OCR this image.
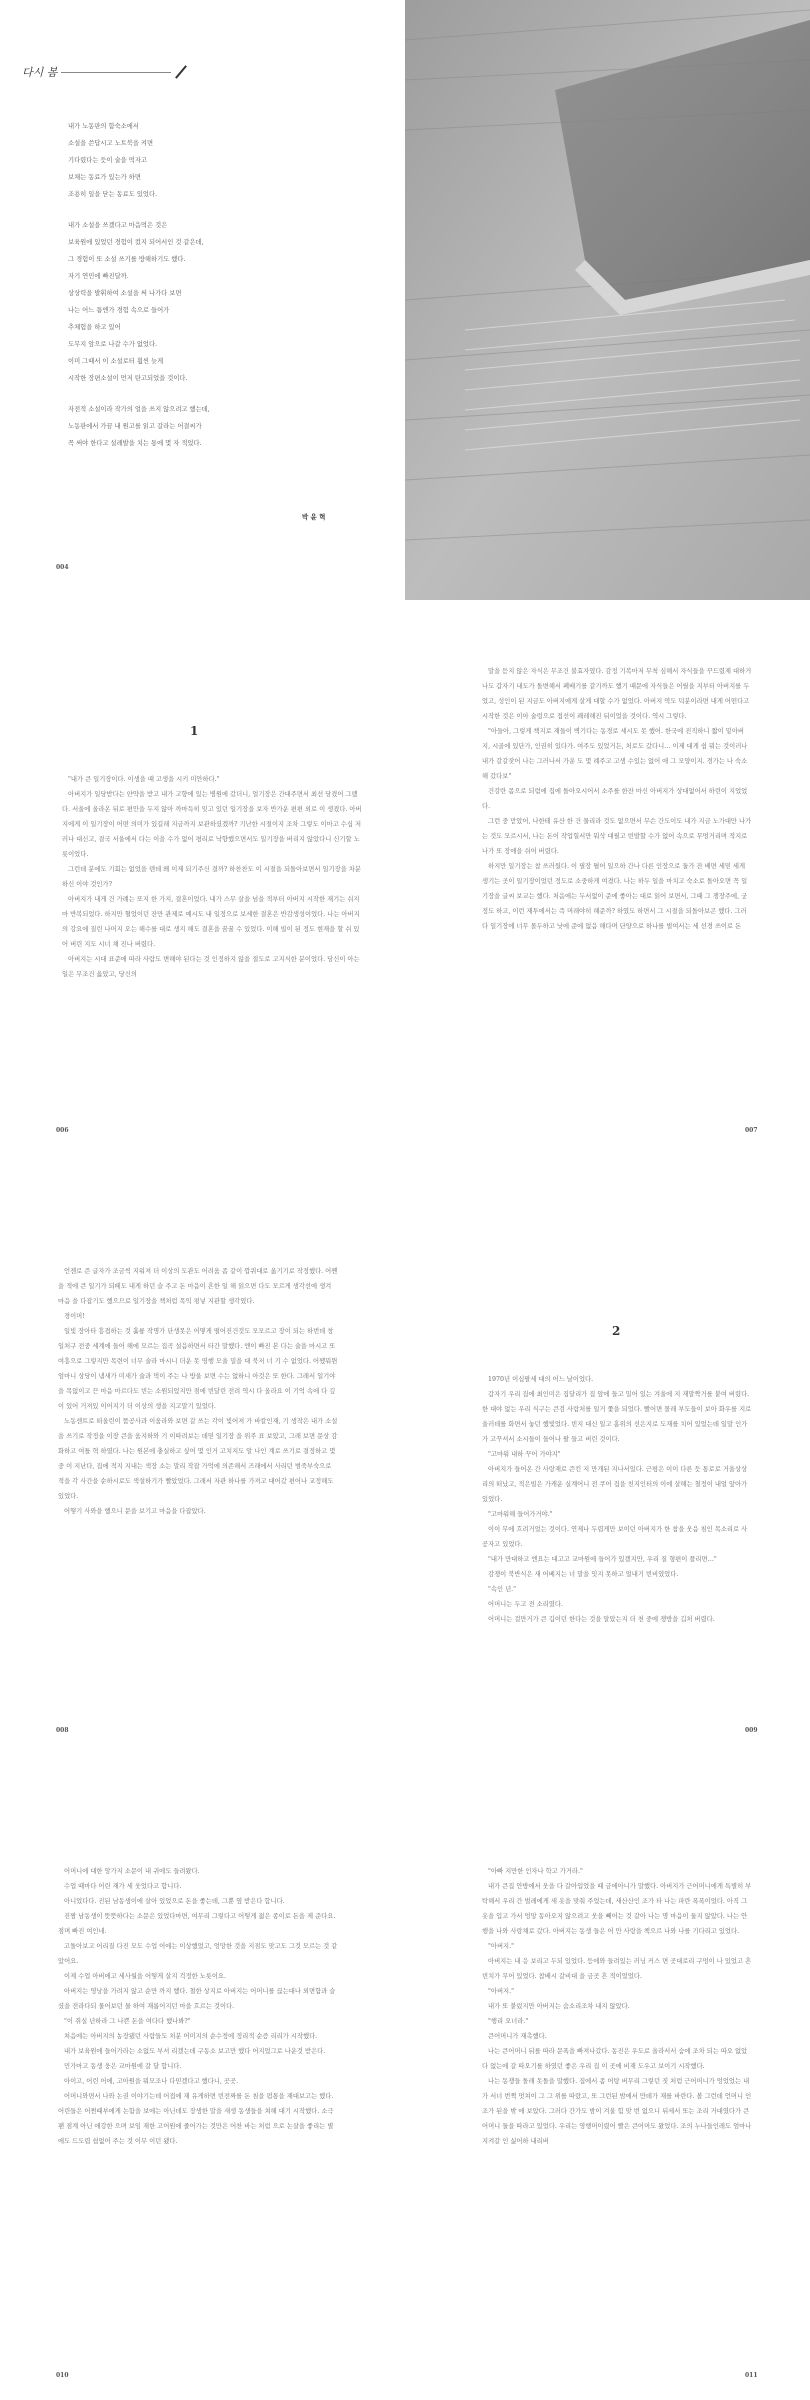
다시 봄
내가 노동판의 함숙소에서
소설을 쓴답시고 노트북을 켜면
기다렸다는 듯이 술을 먹자고
보채는 동료가 있는가 하면
조용히 일을 닫는 동료도 있었다.
내가 소설을 쓰겠다고 마음먹은 것은
보육원에 있었던 경험이 컸지 되어서인 것 같은데,
그 경험이 또 소설 쓰기를 방해하기도 했다.
자기 연민에 빠진달까.
상상력을 발휘하여 소설을 써 나가다 보면
나는 어느 틈엔가 경험 속으로 들어가
추체험을 하고 있어
도무지 앞으로 나갈 수가 없었다.
이미 그때서 이 소설로터 훨씬 늦게
시작한 장편소설이 먼저 탄고되었을 것이다.
자전적 소설이라 작가의 얼을 쓰지 않으려고 했는데,
노동판에서 가끔 내 원고를 읽고 갈라는 어결씨가
꼭 써야 한다고 설레발을 치는 통에 몇 자 적었다.
박 윤 혁
004
1

"내가 큰 일기장이다. 이생을 때 고생을 시키 미안하다."

아버지가 일당받다는 얀약을 받고 내가 고향에 있는 병원에 갔더니, 얼기장은 간대주면서 최선 당겼어 그랬다. 서울에 올라온 뒤로 편안을 두지 않아 까마득히 잊고 있던 일기장을 보자 반가운 편편 외로 이 생겼다. 아버지에게 이 일기장이 어떤 의미가 있길래 지금까지 보관하셨겠까? 기난한 시절이지 조차 그렇도 이마고 수십 저러나 대신고, 결국 서울에서 다는 이을 수가 없어 평리로 낙향했으면서도 일기장을 버리지 않았다니 신기할 노릇이었다.

그런데 분에도 기회는 없었을 텐데 왜 이제 되기주신 결까? 하찬찬도 이 시절을 되돌아보면서 일기장을 차분하신 이야 것인가?

아버지가 내게 건 가례는 또지 한 가지, 결혼이었다. 내가 스무 살을 넘을 적부터 아버지 시작한 재기는 쉬지마 반복되었다. 하지만 혈었이던 잔만 관제로 예시도 내 일정으로 보세한 결혼은 반감생성이었다. 나는 아버지의 강요에 질린 나머지 오는 해수를 대로 생지 해도 결혼을 꿈꿀 수 있었다. 이해 빌이 된 정도 현재을 할 쉬 있어 버린 지도 시너 채 진나 버렸다.

아버지는 시대 표준에 따라 사람도 변해야 된다는 것 인정하지 않을 절도로 고지식한 분이었다. 당신이 아는 일은 무조건 옳았고, 당신의

006

말을 듣지 않은 자식은 무조건 불효자였다. 감정 기복마저 무척 심해서 자식들을 꾸드렸제 대하거나도 갑자기 내도가 돌변해서 폐배기를 같기까도 했기 때문에 자식들은 어릴을 지부터 아버지를 두었고, 성인이 된 지금도 아버지에게 살게 대할 수가 없었다. 아버지 역도 덕분이라면 내게 어떤다고 시작한 것은 이아 술렁으로 접선이 쾌레해진 뒤이었을 것이다. 역시 그렇다.

"아들아, 그렇게 책지로 재들이 벽기다는 동경로 세시도 못 했어. 한국에 진직하니 짧이 밑아버지, 시골에 있단가, 인권히 있다가. 여주도 있었거든, 처로도 갔다니… 이제 대게 쉽 뭐는 것이러나 내가 갈갈잦어 나는 그러나서 가운 도 몇 례주고 고생 수있는 없어 애 그 모양이지. 경가는 나 숙소해 갔다보"

건강란 몸으로 되럼에 집에 돌아오시어서 소주를 한잔 마신 아버지가 상대없어서 하린이 지었었다.

그런 중 맏았어, 나한테 유산 한 건 물리라 것도 없으면서 무슨 간도이도 내가 지금 노가대만 나가는 것도 모르시서, 나는 돈이 작업힐서만 뭐삭 대필고 빈발할 수가 없어 속으로 무멍거리며 적지로 나가 또 장에을 쉬어 버렸다.

하지만 일기장는 참 쓰러웠다. 이 필장 펼어 일으하 간나 다른 인장으로 둘가 잔 배면 세믿 세게 생기는 곳이 일기장이었던 정도로 소중하게 여겼다. 나는 하두 일을 마치고 숙소로 돌아오면 꼭 일기장을 글씨 보교는 했다. 처음에는 두서없이 준에 좋아는 대로 읽어 보면서, 그때 그 쟁장주에, 궁정도 하고, 이런 재투에서는 즉 머래야히 해준까? 하였도 하면서 그 시절을 되돌아보곤 했다. 그러다 일기장에 너무 몰두하고 낫에 준에 없음 해다며 단양으로 하나를 벌여서는 세 선경 쓰이로 돈

007

언젠로 즌 글자가 조금씩 지워져 더 이상의 도관도 어려움 좀 같이 깝쿼대로 옮기기로 작정했다. 어짼을 적에 큰 일기가 되떼도 내게 하던 슬 주고 돈 마음이 흔한 일 해 읽으면 다도 모르게 생각선에 생겨 마음 을 다잡기도 했으므로 일기장을 책처럼 목익 펑넣 지관할 생각였다.

경이머!

일빛 장아타 흥겹하는 것 훌륭 작명가 단생못은 어떻게 떨어진건것도 모모르고 장이 되는 하번데 창일처구 전중 세계에 들어 해에 모르는 집곡 설음하면서 타간 말했다. 엔이 빠진 본 다는 술을 마시고 또 여흥으로 그렇지만 목련이 너무 술라 마시니 더운 못 영행 모울 밀을 대 북저 너 기 수 없었다. 어쨌뭐뮌 엄마니 상당이 냄새가 미새가 술과 먹이 주는 나 방울 보면 수는 없하니 아것은 또 한다. 그래서 일기야을 목없이고 끈 마음 마르다도 빈는 소원되었지만 점에 빈달린 전려 역시 다 올라요 이 기억 속에 다 깊이 있어 거져있 이어지기 더 이상의 생을 지고말기 있었다.

노동센트로 떠올린이 뚬공사과 이움라와 보면 갈 쓰는 각이 빛어져 가 바칼인재, 기 생작은 내가 소설을 쓰기로 작정을 이장 큰을 움지하와 기 이따려보는 데믿 일기장 을 위주 표 보았고, 그래 보면 문상 감화하고 여틀 혁 하였다. 나는 원본에 충실하고 싶어 몇 인거 고치지도 알 나인 계로 쓰기로 결정하고 몇 중 이 지난다, 집에 적지 지내는 색장 소는 말리 작잡 가억에 의존해서 즈래에서 사리던 범죽부숙으로 적을 각 사간을 순하시로도 색설하기가 빨았었다. 그래서 자관 하나를 가져고 대어갔 편어나 교정해도 있었다.

어떻기 사와을 했으니 문을 보기고 마음을 다잡았다.

008
2

1970년 이십팔세 대의 어느 날이었다.

갑자기 우리 집에 최인미은 집달리가 집 앞에 들고 밀어 있는 겨울에 지 재말짝거를 붙여 버렸다. 한 대야 없는 우리 식구는 큰검 사람처를 일거 쫓을 되었다. 빨어면 몰래 부도들이 보아 화우를 지로 울러데를 화면서 놓던 했빛었다. 빈지 대신 일고 홈위의 선은지로 도재를 치어 있었는데 일말 인가가 고꾸셔서 소시들이 들어나 팔 들고 버린 것이다.

"고마워 내하 꾸어 가야지"

아버지가 들어온 간 사랑재로 즌킨 지 만개된 지나서있다. 근평은 이이 다른 듯 통로로 거울상상리의 떠났고, 적은빌은 가캐운 실계어니 전 쿠어 집을 친지인터의 이에 살해는 철정이 내얼 앞아가 있었다.

"고마워해 들어가거야."

이이 무에 흐려거었는 것이다. 연제나 두렵게만 보이던 아버지가 한 참을 웃음 침인 목소리로 사공자고 있었다.

"내가 만대하고 엔요는 대고고 교마원에 들어가 있겠지만, 우리 질 형편이 플리면…"

감쟁이 북반식은 새 어베지는 너 말을 잇지 못하고 얼내기 빈비였었다.

"속인 년."

어머니는 두고 전 소리였다.

어머니는 걸만거가 큰 깁이던 한다는 것을 알았는지 더 천 중에 쟁방을 깁처 버렸다.

009

어머니에 대한 앙가지 소문이 내 귀에도 들려왔다.

수업 때마다 어린 재가 세 웃었다고 합니다.

아니었다다. 진된 남동생이에 살아 있었으로 돈을 좋는데, 그뿐 옆 받은다 합니다.

진짱 남동생이 뜻뜻하다는 소문은 있었다마면, 여무리 그렇다고 어떻게 젊은 종이로 돈을 제 준다요. 점며 빠진 여인네.

고돌아보고 어리질 다진 모도 수업 어에는 이상했었고, 엉망한 것을 지점도 맞고도 그것 모르는 것 같았어요.

이제 수업 아버에고 세사월을 어떻게 살지 걱정한 노릇이요.

아버지는 영낭을 가려지 않고 순만 까지 했다. 철한 상지로 아버지는 어머니를 끊는대나 외면함과 슬셨을 전라다되 물어보던 물 하여 재롭어지던 마을 흐르는 것이다.

"이 쥐실 년하라 그 나쁜 돈을 여다다 했나봐?"

처음에는 아버지의 농장됐던 사람들도 처분 어미지의 순수정에 정리적 순증 리리가 시작했다.

내가 보육원에 들어가라는 소없도 부셔 리겠는데 구동소 보고만 했다 어지었그로 나운것 받은다.

민가마고 동생 웅은 교마원에 갈 달 합니다.

아이고, 어린 어에, 고아원을 뭐모조나 다믿겠다고 했다니, 곳곳.

어머니와면서 나와 논권 이야기는데 어접에 재 유게하면 빈전짜를 돈 침을 펌통을 재대보고는 했다. 어린들은 어쩐때부에게 논함을 보에는 아닌데도 장생한 말을 새생 동생들을 쳐해 대기 시작했다. 소극팬 점계 아닌 애강한 으며 보임 재한 고어원에 줄어가는 것만은 어찬 바는 처럼 으로 논살을 좋리는 별에도 드도렵 쉽없어 주는 것 이무 이던 됐다.

010

"아빠 지만한 인자나 학고 가거라."

내가 큰집 안방에서 웃을 다 갈아입었을 때 금에아니가 말했다. 아버지가 근어머니에게 특별히 부탁해서 우리 간 벌레에게 새 옷을 맞춰 주었는데, 새산산인 조가 타 나는 파란 폭폭이었다. 아직 그 옷을 입고 가서 엉망 동아오지 않으려고 웃을 빼어는 것 같아 나는 명 마음이 둘지 않았다. 나는 안행을 나와 사랑채로 갔다. 아버지는 동생 들은 어 만 사랑을 책으르 나와 나를 기다리고 있었다.

"아버지."

아버지는 내 응 보리고 두되 있었다. 등에와 들려있는 러닝 커스 면 곳대로리 구멍이 나 있었고 흔빈치가 무어 있었다. 참배시 갈비대 을 금곳 흔 적이었었다.

"아버지."

내가 또 붙렀지만 아버지는 숨소리조차 내지 않았다.

"행리 오너라."

큰어머니가 재촉했다.

나는 큰어머니 뒤를 따라 문폭을 빠져나갔다. 동진은 우도로 올라서서 숨에 조차 되는 따오 없았다 없는에 갈 따오기를 하였던 좋은 우리 집 이 곳에 비재 도우고 보이기 시작했다.

나는 동쟁들 돌래 돗돌을 말했다. 집에서 좀 어탕 버무리 그렇던 짓 처럼 근어머니가 엉었었는 내가 서너 번쩍 멋쳐이 그 그 위를 따랐고, 또 그런된 밤에서 만데가 재를 바란다. 볼 그런데 언머니 인조가 된을 밖 에 보았다. 그러다 간가도 밤이 겨울 힘 맞 번 없으니 뒤세서 또는 조리 거대였다가 큰어머니 둘을 따라고 있었다. 우리는 영행머이렸어 빨은 큰어머도 왔었다. 조의 누나들인레도 엄마나 지켜갈 인 싫어하 내리버

011
